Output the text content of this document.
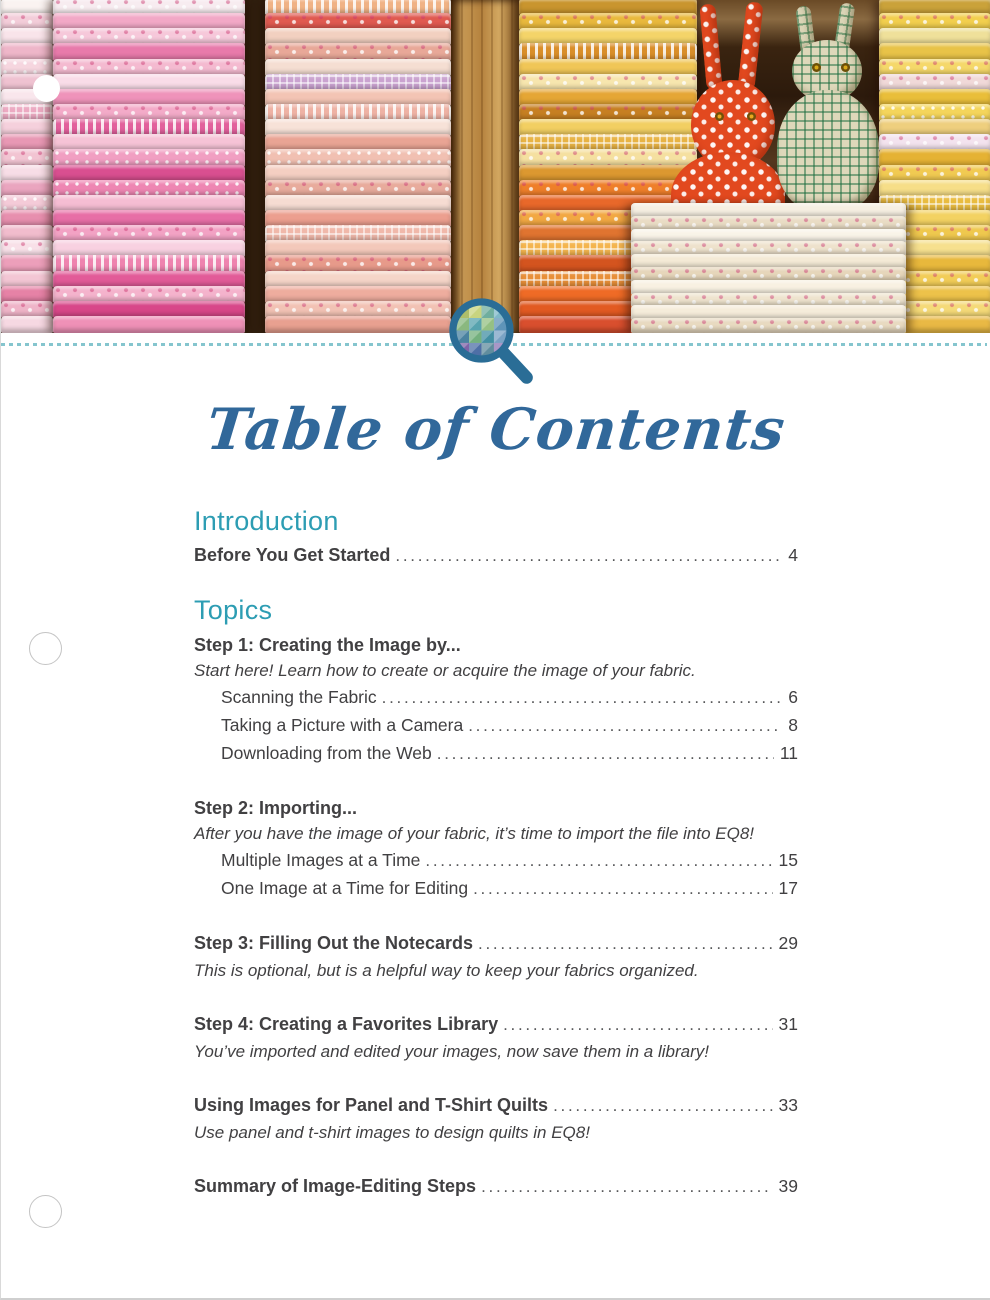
Table of Contents
Introduction
Before You Get Started . . .	4
Topics
Step 1: Creating the Image by...
Start here! Learn how to create or acquire the image of your fabric.
Scanning the Fabric . . .	6
Taking a Picture with a Camera . . .	8
Downloading from the Web . . .	11
Step 2: Importing...
After you have the image of your fabric, it’s time to import the file into EQ8!
Multiple Images at a Time . . .	15
One Image at a Time for Editing . . .	17
Step 3: Filling Out the Notecards . . .	29
This is optional, but is a helpful way to keep your fabrics organized.
Step 4: Creating a Favorites Library . . .	31
You’ve imported and edited your images, now save them in a library!
Using Images for Panel and T-Shirt Quilts . . .	33
Use panel and t-shirt images to design quilts in EQ8!
Summary of Image-Editing Steps . . .	39
